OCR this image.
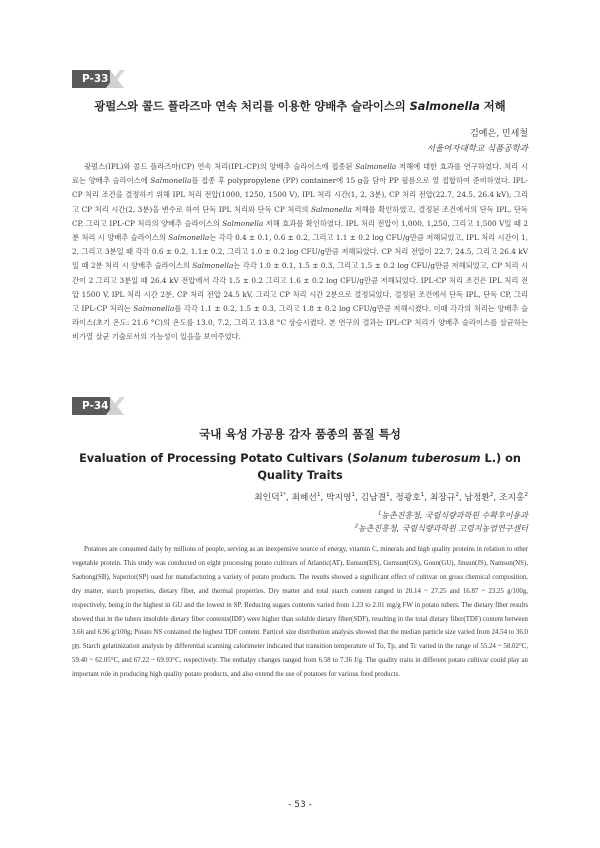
P-33
광펄스와 콜드 플라즈마 연속 처리를 이용한 양배추 슬라이스의 Salmonella 저해
김예은, 민세철
서울여자대학교 식품공학과

광펄스(IPL)와 콜드 플라즈마(CP) 연속 처리(IPL-CP)의 양배추 슬라이스에 접종된 Salmonella 저해에 대한 효과를 연구하였다. 처리 시료는 양배추 슬라이스에 Salmonella를 접종 후 polypropylene (PP) container에 15 g을 담아 PP 필름으로 열 접합하여 준비하였다. IPL-CP 처리 조건을 결정하기 위해 IPL 처리 전압(1000, 1250, 1500 V), IPL 처리 시간(1, 2, 3분), CP 처리 전압(22.7, 24.5, 26.4 kV), 그리고 CP 처리 시간(2, 3분)을 변수로 하여 단독 IPL 처리와 단독 CP 처리의 Salmonella 저해를 확인하였고, 결정된 조건에서의 단독 IPL, 단독 CP, 그리고 IPL-CP 처리의 양배추 슬라이스의 Salmonella 저해 효과를 확인하였다. IPL 처리 전압이 1,000, 1,250, 그리고 1,500 V일 때 2분 처리 시 양배추 슬라이스의 Salmonella는 각각 0.4 ± 0.1, 0.6 ± 0.2, 그리고 1.1 ± 0.2 log CFU/g만큼 저해되었고, IPL 처리 시간이 1, 2, 그리고 3분일 때 각각 0.6 ± 0.2, 1.1± 0.2, 그리고 1.0 ± 0.2 log CFU/g만큼 저해되었다. CP 처리 전압이 22.7, 24.5, 그리고 26.4 kV 일 때 2분 처리 시 양배추 슬라이스의 Salmonella는 각각 1.0 ± 0.1, 1.5 ± 0.3, 그리고 1.5 ± 0.2 log CFU/g만큼 저해되었고, CP 처리 시간이 2 그리고 3분일 때 26.4 kV 전압에서 각각 1.5 ± 0.2 그리고 1.6 ± 0.2 log CFU/g만큼 저해되었다. IPL-CP 처리 조건은 IPL 처리 전압 1500 V, IPL 처리 시간 2분, CP 처리 전압 24.5 kV, 그리고 CP 처리 시간 2분으로 결정되었다. 결정된 조건에서 단독 IPL, 단독 CP, 그리고 IPL-CP 처리는 Salmonella를 각각 1.1 ± 0.2, 1.5 ± 0.3, 그리고 1.8 ± 0.2 log CFU/g만큼 저해시켰다. 이때 각각의 처리는 양배추 슬라이스(초기 온도: 21.6 °C)의 온도를 13.0, 7.2, 그리고 13.8 °C 상승시켰다. 본 연구의 결과는 IPL-CP 처리가 양배추 슬라이스를 살균하는 비가열 살균 기술로서의 가능성이 있음을 보여주었다.

P-34
국내 육성 가공용 감자 품종의 품질 특성
Evaluation of Processing Potato Cultivars (Solanum tuberosum L.) on
Quality Traits
최인덕$^{1*}$, 최혜선$^1$, 박지영$^1$, 김남결$^1$, 정광호$^1$, 최장규$^2$, 남정환$^2$, 조지홍$^2$
$^1$농촌진흥청, 국립식량과학원 수확후이용과
$^2$농촌진흥청, 국립식량과학원 고령지농업연구센터

Potatoes are consumed daily by millions of people, serving as an inexpensive source of energy, vitamin C, minerals and high quality proteins in relation to other vegetable protein. This study was conducted on eight processing potato cultivars of Atlantic(AT), Eunsun(ES), Gumsun(GS), Goun(GU), Jinsun(JS), Namsun(NS), Saebong(SB), Superior(SP) used for manufacturing a variety of potato products. The results showed a significant effect of cultivar on gross chemical composition, dry matter, starch properties, dietary fiber, and thermal properties. Dry matter and total starch content ranged in 20.14 ~ 27.25 and 16.87 ~ 23.25 g/100g, respectively, being in the highest in GU and the lowest in SP. Reducing sugars contents varied from 1.23 to 2.01 mg/g FW in potato tubers. The dietary fiber results showed that in the tubers insoluble dietary fiber contents(IDF) were higher than soluble dietary fiber(SDF), resulting in the total dietary fiber(TDF) content between 3.66 and 6.96 g/100g; Potato NS contained the highest TDF content. Particel size distribution analysis showed that the median particle size varied from 24.54 to 36.0 ㎛. Starch gelatinization analysis by differential scanning calorimeter indicated that transition temperature of To, Tp, and Tc varied in the range of 55.24 ~ 58.02°C, 59.40 ~ 62.05°C, and 67.22 ~ 69.93°C, respectively. The enthalpy changes ranged from 6.58 to 7.36 J/g. The quality traits in different potato cultivar could play an important role in producing high quality potato products, and also extend the use of potatoes for various food products.

- 53 -
